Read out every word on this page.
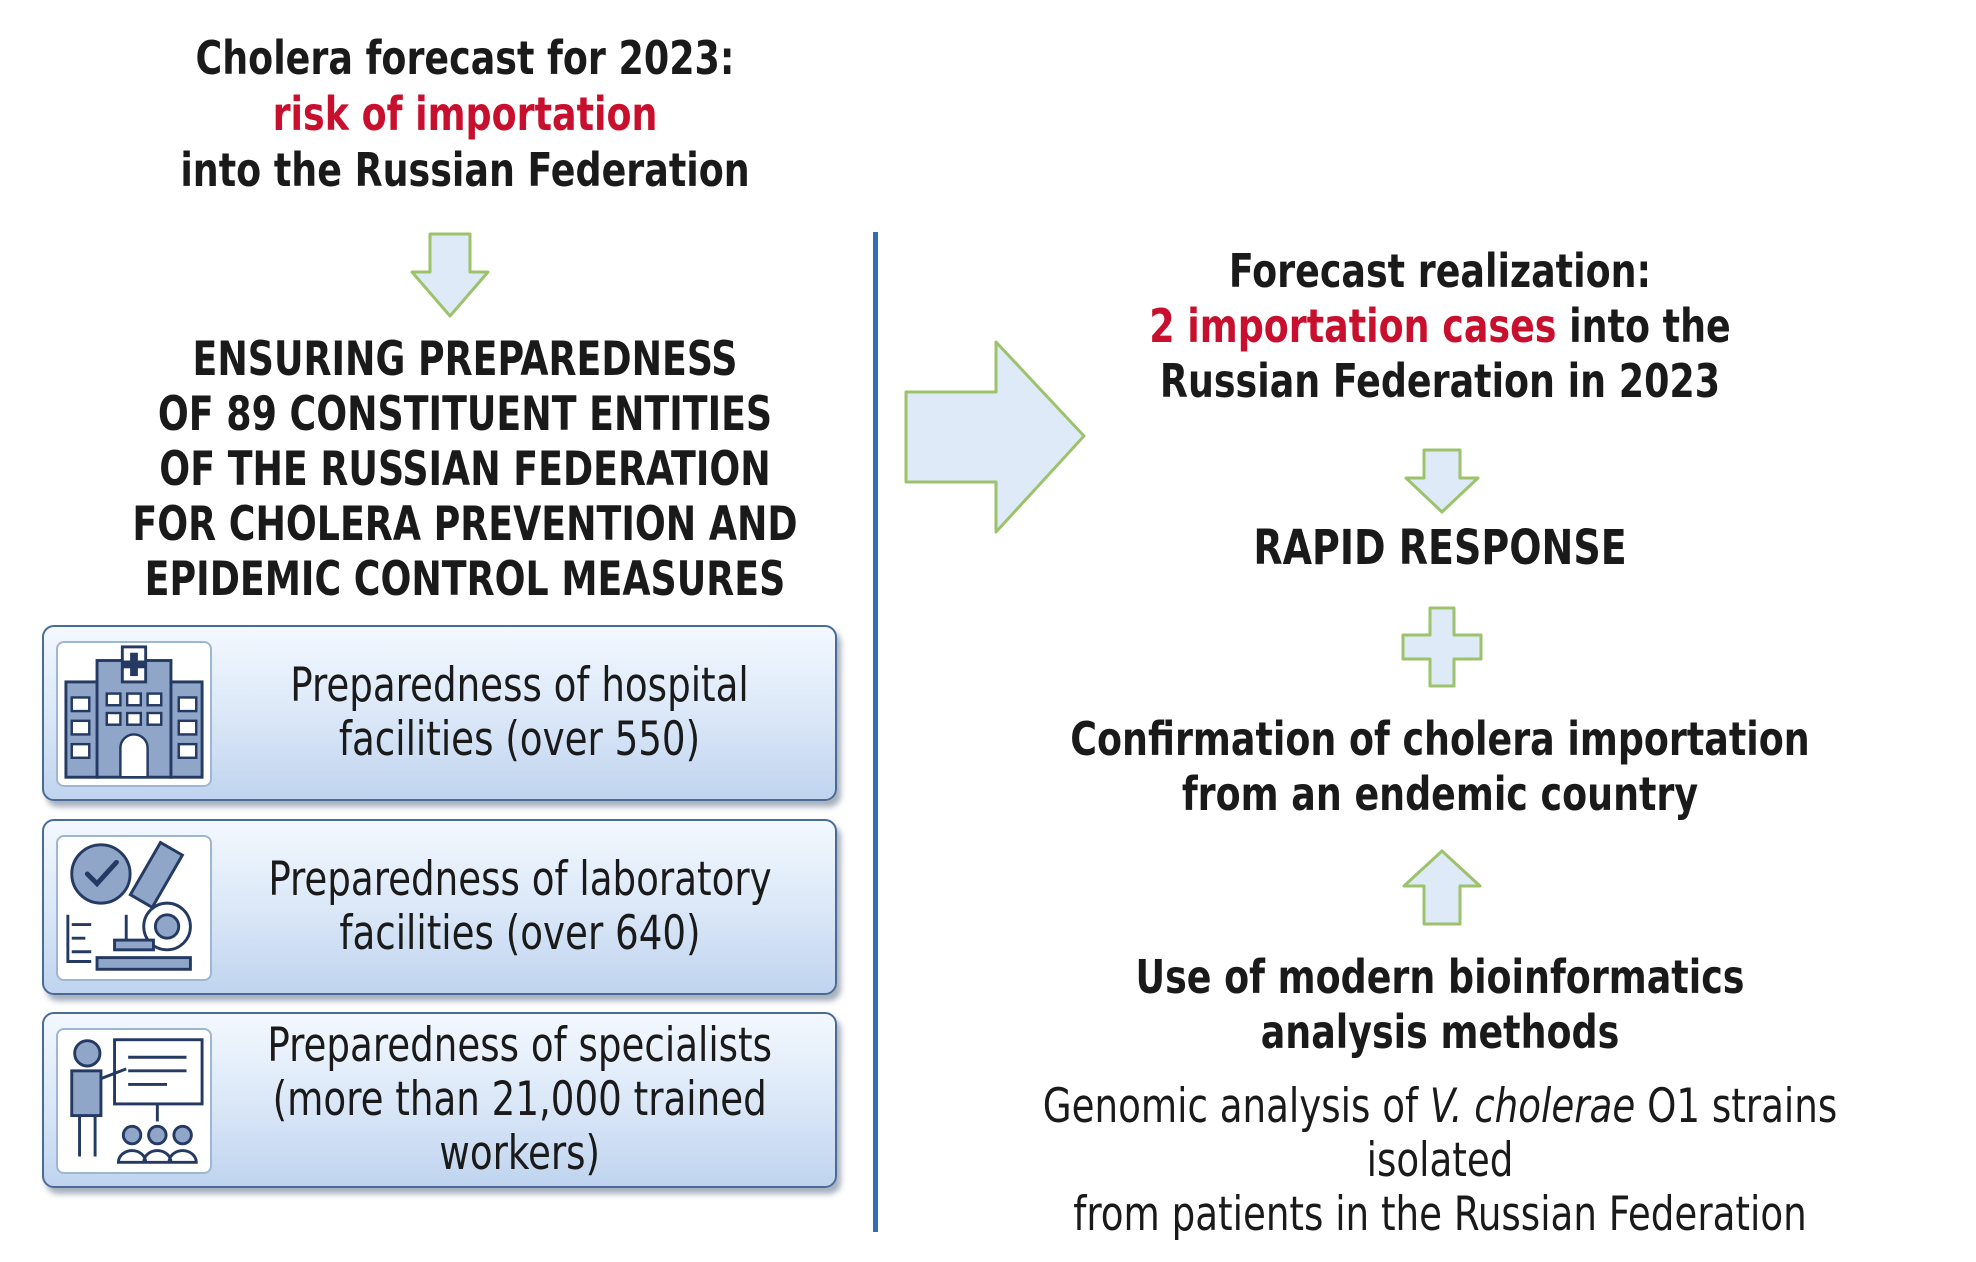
Cholera forecast for 2023:
risk of importation
into the Russian Federation
ENSURING PREPAREDNESS
OF 89 CONSTITUENT ENTITIES
OF THE RUSSIAN FEDERATION
FOR CHOLERA PREVENTION AND
EPIDEMIC CONTROL MEASURES
Preparedness of hospital
facilities (over 550)
Preparedness of laboratory
facilities (over 640)
Preparedness of specialists
(more than 21,000 trained
workers)
Forecast realization:
2 importation cases into the
Russian Federation in 2023
RAPID RESPONSE
Confirmation of cholera importation
from an endemic country
Use of modern bioinformatics
analysis methods
Genomic analysis of V. cholerae O1 strains isolated
from patients in the Russian Federation
